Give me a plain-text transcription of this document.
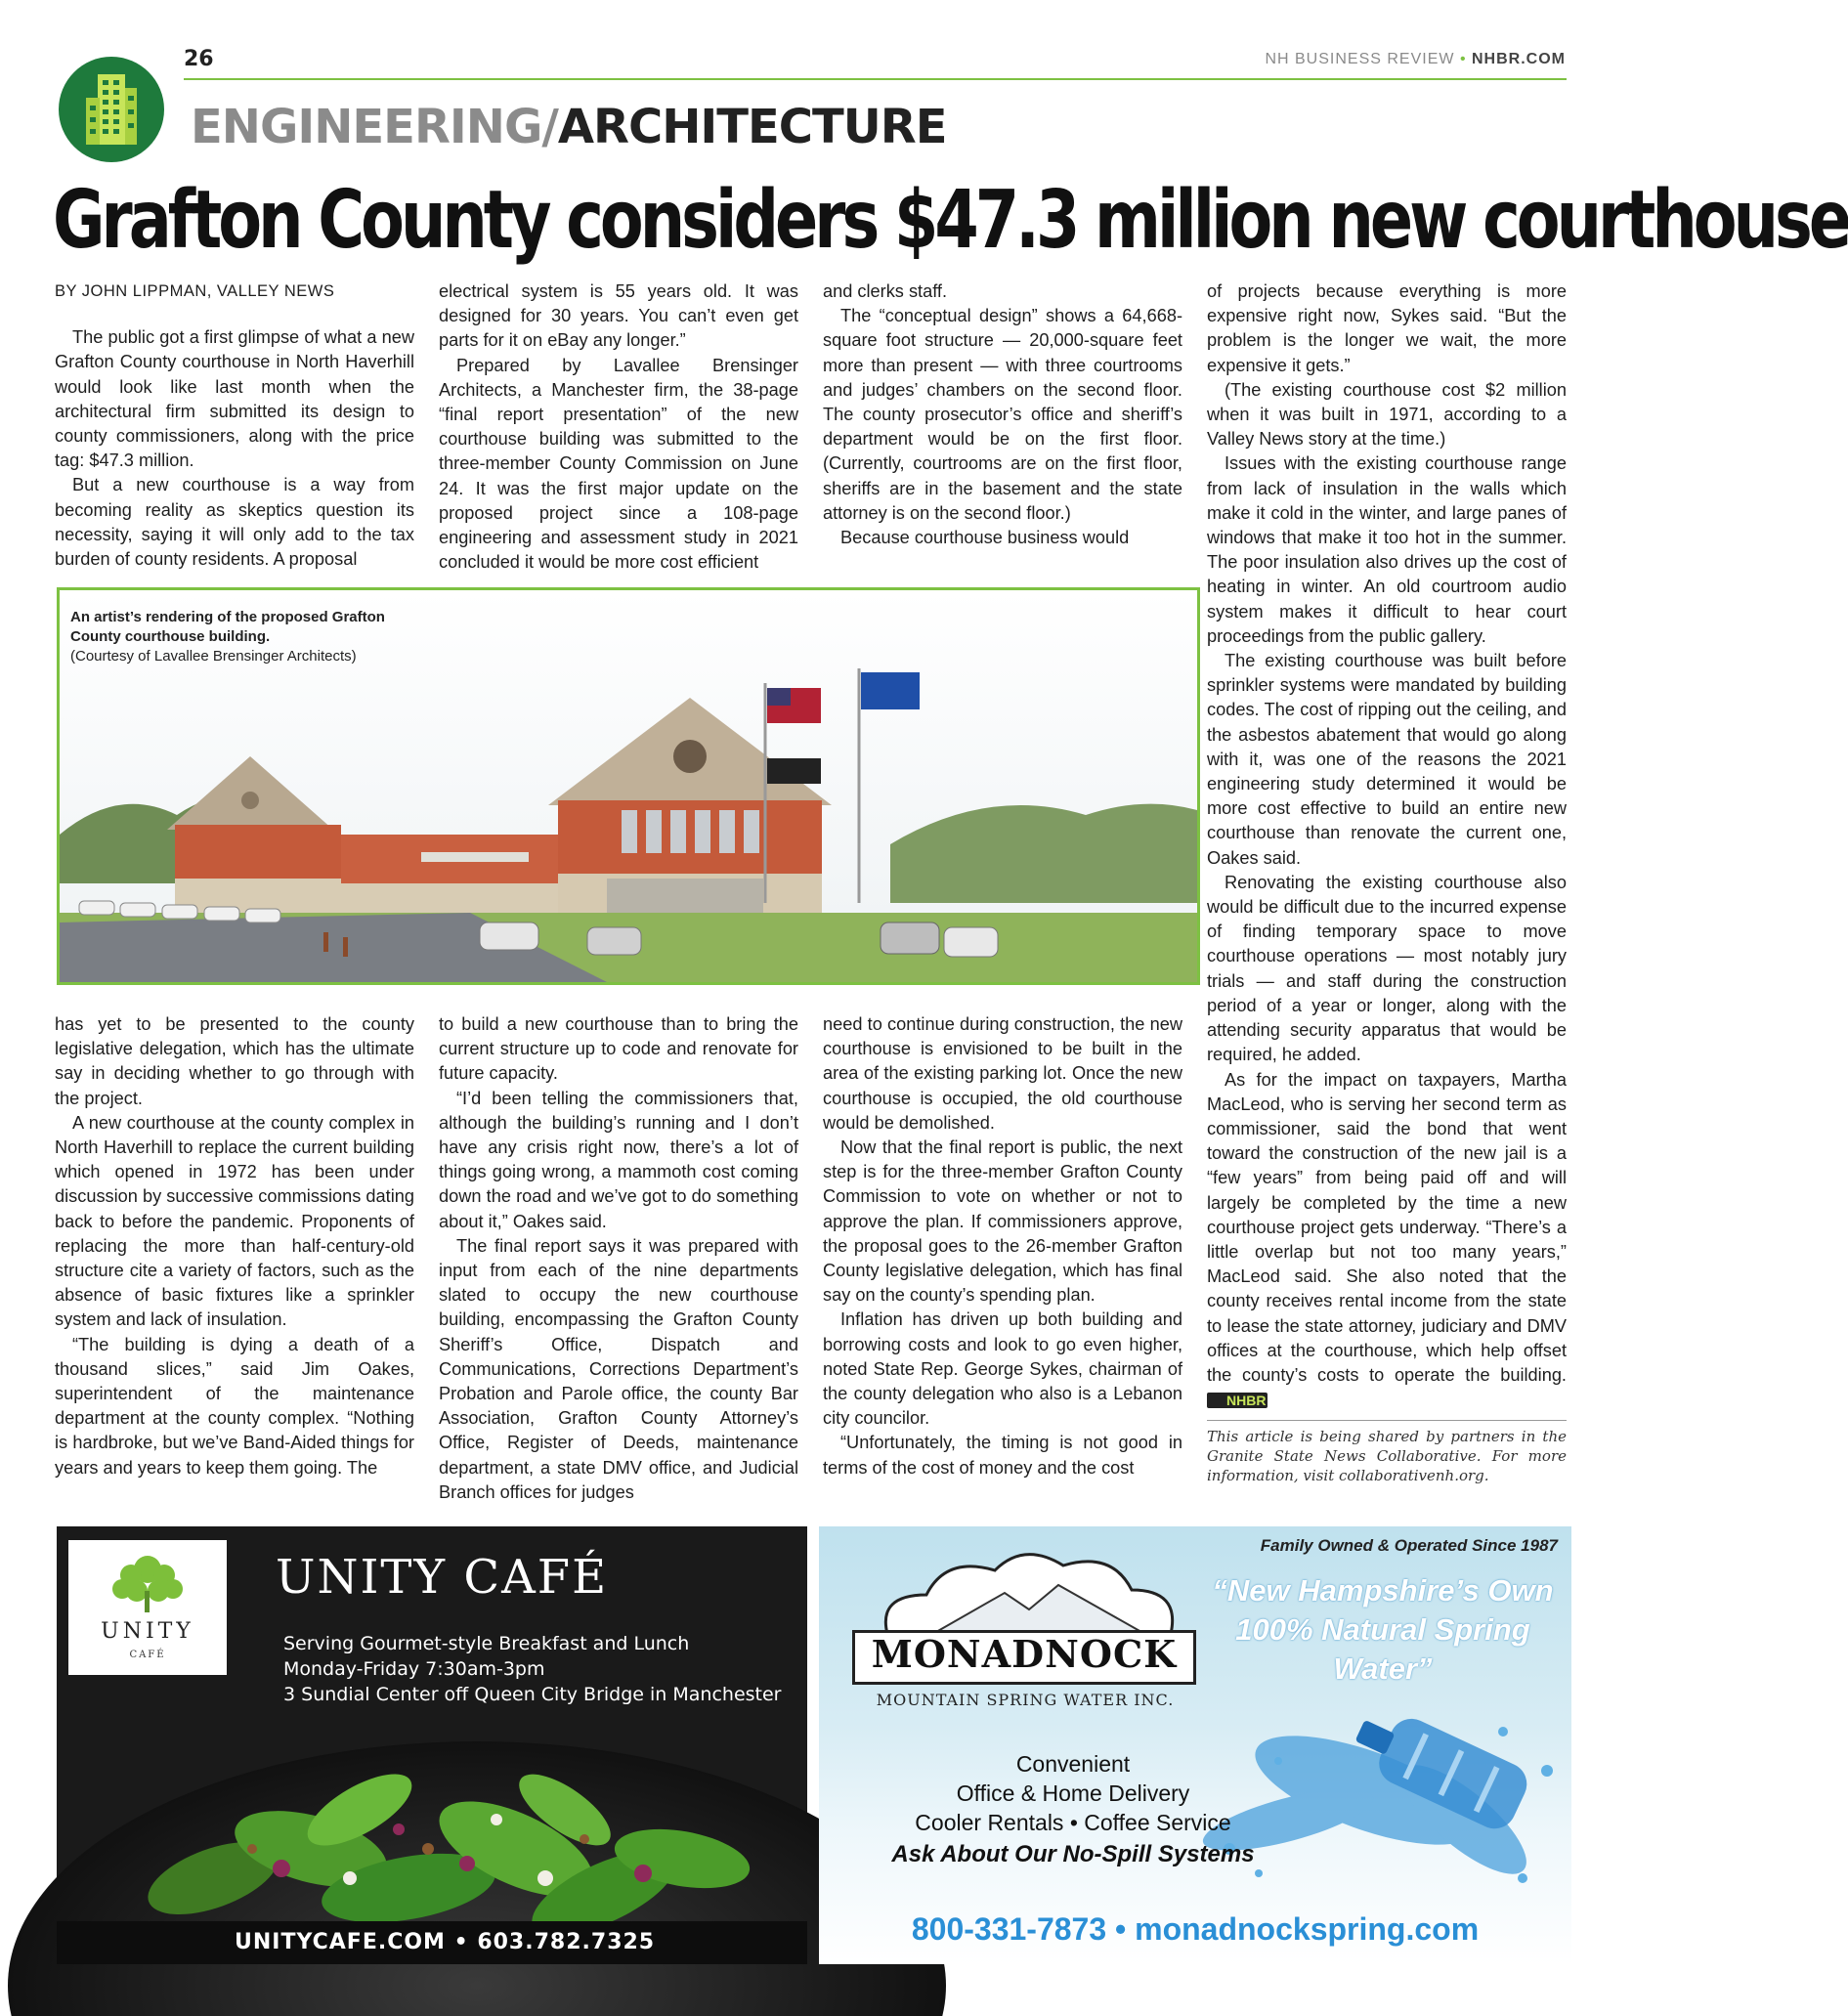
26	NH BUSINESS REVIEW • NHBR.COM
ENGINEERING/ARCHITECTURE
Grafton County considers $47.3 million new courthouse

BY JOHN LIPPMAN, VALLEY NEWS

The public got a first glimpse of what a new Grafton County courthouse in North Haverhill would look like last month when the architectural firm submitted its design to county commissioners, along with the price tag: $47.3 million.

But a new courthouse is a way from becoming reality as skeptics question its necessity, saying it will only add to the tax burden of county residents. A proposal

electrical system is 55 years old. It was designed for 30 years. You can’t even get parts for it on eBay any longer.”

Prepared by Lavallee Brensinger Architects, a Manchester firm, the 38-page “final report presentation” of the new courthouse building was submitted to the three-member County Commission on June 24. It was the first major update on the proposed project since a 108-page engineering and assessment study in 2021 concluded it would be more cost efficient

and clerks staff.

The “conceptual design” shows a 64,668-square foot structure — 20,000-square feet more than present — with three courtrooms and judges’ chambers on the second floor. The county prosecutor’s office and sheriff’s department would be on the first floor. (Currently, courtrooms are on the first floor, sheriffs are in the basement and the state attorney is on the second floor.)

Because courthouse business would

An artist’s rendering of the proposed Grafton County courthouse building.
(Courtesy of Lavallee Brensinger Architects)

has yet to be presented to the county legislative delegation, which has the ultimate say in deciding whether to go through with the project.

A new courthouse at the county complex in North Haverhill to replace the current building which opened in 1972 has been under discussion by successive commissions dating back to before the pandemic. Proponents of replacing the more than half-century-old structure cite a variety of factors, such as the absence of basic fixtures like a sprinkler system and lack of insulation.

“The building is dying a death of a thousand slices,” said Jim Oakes, superintendent of the maintenance department at the county complex. “Nothing is hardbroke, but we’ve Band-Aided things for years and years to keep them going. The

to build a new courthouse than to bring the current structure up to code and renovate for future capacity.

“I’d been telling the commissioners that, although the building’s running and I don’t have any crisis right now, there’s a lot of things going wrong, a mammoth cost coming down the road and we’ve got to do something about it,” Oakes said.

The final report says it was prepared with input from each of the nine departments slated to occupy the new courthouse building, encompassing the Grafton County Sheriff’s Office, Dispatch and Communications, Corrections Department’s Probation and Parole office, the county Bar Association, Grafton County Attorney’s Office, Register of Deeds, maintenance department, a state DMV office, and Judicial Branch offices for judges

need to continue during construction, the new courthouse is envisioned to be built in the area of the existing parking lot. Once the new courthouse is occupied, the old courthouse would be demolished.

Now that the final report is public, the next step is for the three-member Grafton County Commission to vote on whether or not to approve the plan. If commissioners approve, the proposal goes to the 26-member Grafton County legislative delegation, which has final say on the county’s spending plan.

Inflation has driven up both building and borrowing costs and look to go even higher, noted State Rep. George Sykes, chairman of the county delegation who also is a Lebanon city councilor.

“Unfortunately, the timing is not good in terms of the cost of money and the cost

of projects because everything is more expensive right now, Sykes said. “But the problem is the longer we wait, the more expensive it gets.”

(The existing courthouse cost $2 million when it was built in 1971, according to a Valley News story at the time.)

Issues with the existing courthouse range from lack of insulation in the walls which make it cold in the winter, and large panes of windows that make it too hot in the summer. The poor insulation also drives up the cost of heating in winter. An old courtroom audio system makes it difficult to hear court proceedings from the public gallery.

The existing courthouse was built before sprinkler systems were mandated by building codes. The cost of ripping out the ceiling, and the asbestos abatement that would go along with it, was one of the reasons the 2021 engineering study determined it would be more cost effective to build an entire new courthouse than renovate the current one, Oakes said.

Renovating the existing courthouse also would be difficult due to the incurred expense of finding temporary space to move courthouse operations — most notably jury trials — and staff during the construction period of a year or longer, along with the attending security apparatus that would be required, he added.

As for the impact on taxpayers, Martha MacLeod, who is serving her second term as commissioner, said the bond that went toward the construction of the new jail is a “few years” from being paid off and will largely be completed by the time a new courthouse project gets underway. “There’s a little overlap but not too many years,” MacLeod said. She also noted that the county receives rental income from the state to lease the state attorney, judiciary and DMV offices at the courthouse, which help offset the county’s costs to operate the building. NHBR

This article is being shared by partners in the Granite State News Collaborative. For more information, visit collaborativenh.org.

UNITY
CAFÉ
UNITY CAFÉ
Serving Gourmet-style Breakfast and Lunch
Monday-Friday 7:30am-3pm
3 Sundial Center off Queen City Bridge in Manchester
UNITYCAFE.COM • 603.782.7325
Family Owned & Operated Since 1987
“New Hampshire’s Own 100% Natural Spring Water”
MONADNOCK
MOUNTAIN SPRING WATER INC.
Convenient
Office & Home Delivery
Cooler Rentals • Coffee Service
Ask About Our No-Spill Systems
800-331-7873 • monadnockspring.com
